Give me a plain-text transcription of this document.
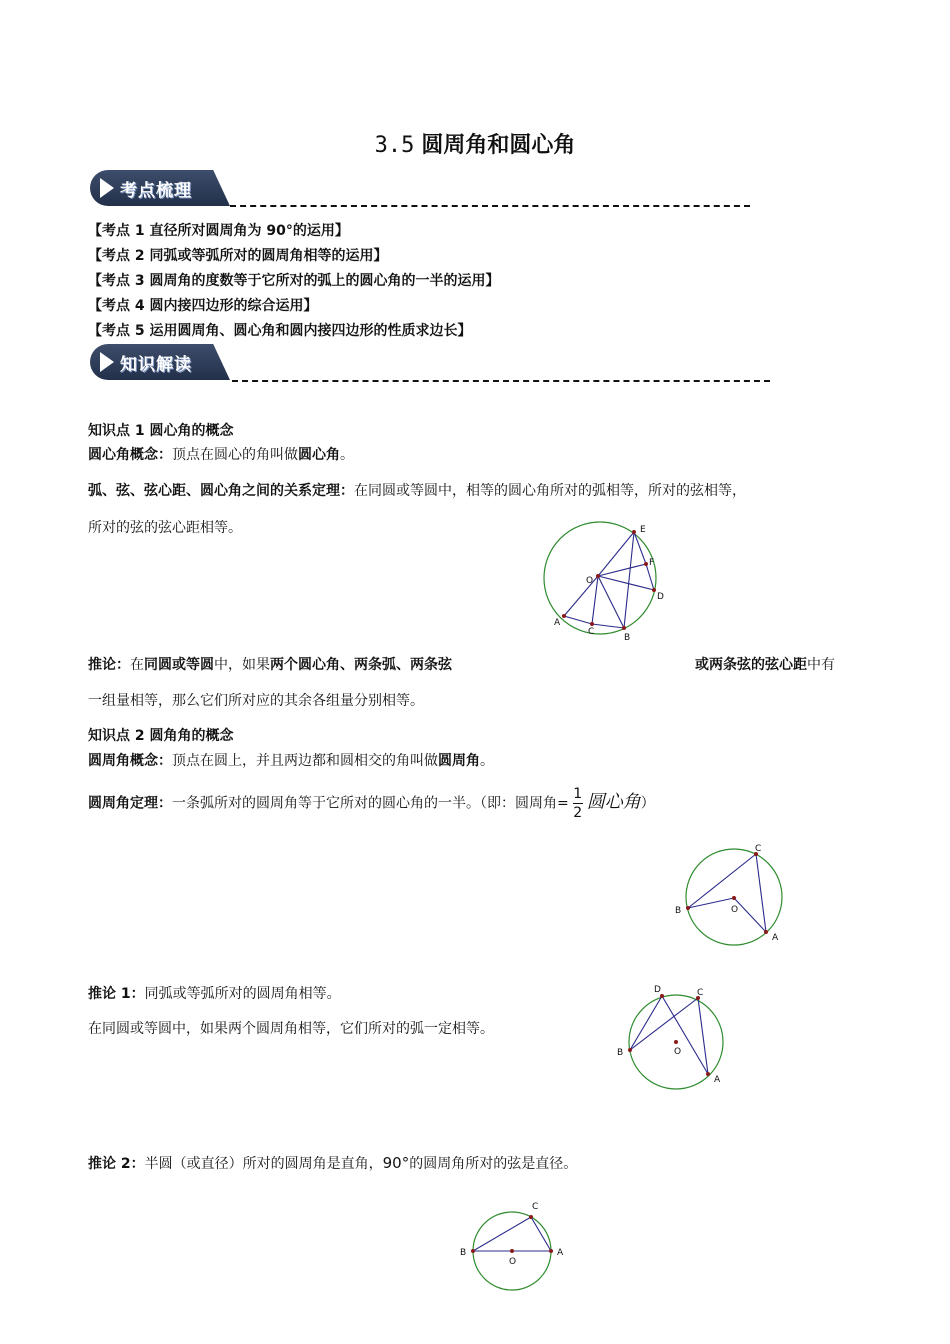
3.5 圆周角和圆心角
考点梳理
【考点 1 直径所对圆周角为 90°的运用】
【考点 2 同弧或等弧所对的圆周角相等的运用】
【考点 3 圆周角的度数等于它所对的弧上的圆心角的一半的运用】
【考点 4 圆内接四边形的综合运用】
【考点 5 运用圆周角、圆心角和圆内接四边形的性质求边长】
知识解读
知识点 1 圆心角的概念
圆心角概念：顶点在圆心的角叫做圆心角。
弧、弦、弦心距、圆心角之间的关系定理：在同圆或等圆中，相等的圆心角所对的弧相等，所对的弦相等，
所对的弦的弦心距相等。	E
F
O
D
A
C
B
推论：在同圆或等圆中，如果两个圆心角、两条弧、两条弦	或两条弦的弦心距中有
一组量相等，那么它们所对应的其余各组量分别相等。
知识点 2 圆角角的概念
圆周角概念：顶点在圆上，并且两边都和圆相交的角叫做圆周角。
圆周角定理：一条弧所对的圆周角等于它所对的圆心角的一半。（即：圆周角= $\frac{1}{2}$ 圆心角）
C
B	O
A
推论 1：同弧或等弧所对的圆周角相等。
在同圆或等圆中，如果两个圆周角相等，它们所对的弧一定相等。
D	C
B	O
A
推论 2：半圆（或直径）所对的圆周角是直角，90°的圆周角所对的弦是直径。
C
B
O
A
